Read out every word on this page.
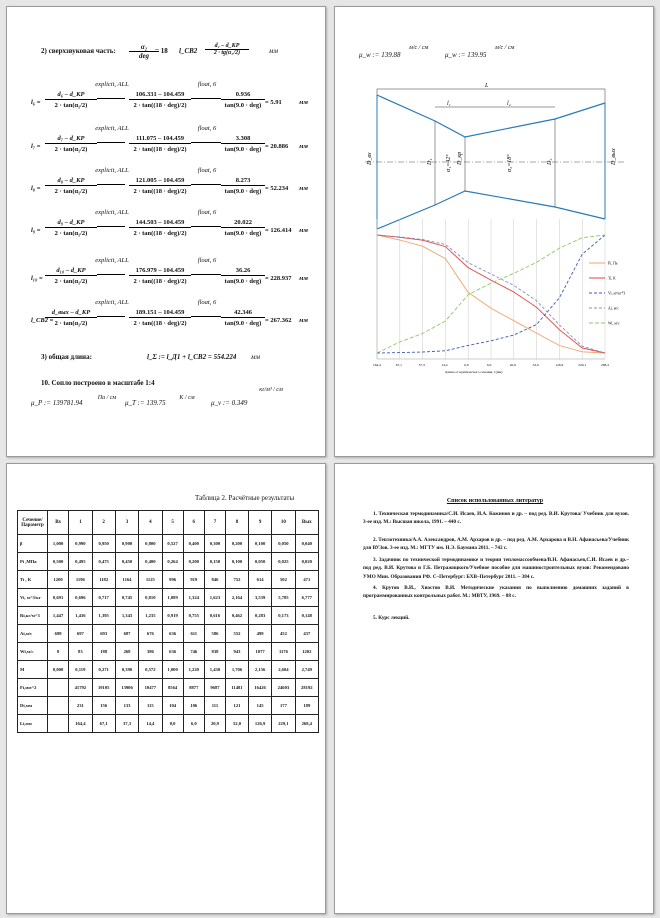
2) сверхзвуковая часть:	α₂
deg
= 18 l_СВ2
d₂ – d_КР
2 · tg(α₂/2)	мм
l₆ =
d₆ – d_КР
2 · tan(α₁/2)
explicit, ALL
106.331 – 104.459
2 · tan((18 · deg)/2)
float, 6
0.936
tan(9.0 · deg) = 5.91	мм
l₇ =
d₇ – d_КР
2 · tan(α₁/2)
explicit, ALL
111.075 – 104.459
2 · tan((18 · deg)/2)
float, 6
3.308
tan(9.0 · deg) = 20.886 мм
l₈ =
d₈ – d_КР
2 · tan(α₁/2)
explicit, ALL
121.005 – 104.459
2 · tan((18 · deg)/2)
float, 6
8.273
tan(9.0 · deg) = 52.234 мм
l₉ =
d₉ – d_КР
2 · tan(α₁/2)
explicit, ALL
144.503 – 104.459
2 · tan((18 · deg)/2)
float, 6
20.022
tan(9.0 · deg) = 126.414 мм
l₁₀ =
d₁₀ – d_КР
2 · tan(α₁/2)
explicit, ALL
176.979 – 104.459
2 · tan((18 · deg)/2)
float, 6
36.26
tan(9.0 · deg) = 228.937 мм
l_СВ2 =
d_вых – d_КР
2 · tan(α₁/2)
explicit, ALL
189.151 – 104.459
2 · tan((18 · deg)/2)
float, 6
42.346
tan(9.0 · deg) = 267.362 мм
3) общая длина:	l_Σ := l_Д1 + l_СВ2 = 554.224 мм
10. Сопло построено в масштабе 1:4
μ_P := 139781.94
Па / см
μ_T := 139.75
К / см
μ_v := 0.349
кг/м³ / см
μ_w := 139.88
м/с / см
μ_w := 139.95
м/с / см
L
l₁	l₂
D_вх	D₁ α₁=42° D_кр	α₂=18°	D₂	D_вых
164,4	67,1	37,3	14,4	0,0	6,0	20,9	52,0	126,9	229,1	268,4
Длина от критического сечения, l (мм)
Pi, Па
Ti, К
Vi, м³/кг*3
Ai, м/с
Wi, м/с
Таблица 2. Расчётные результаты
Сечение/ Параметр	Вх	1	2	3	4	5	6	7	8	9	10	Вых
β	1,000	0,990	0,950	0,900	0,800	0,527	0,400	0,300	0,200	0,100	0,050	0,040
Pi ,МПа	0,500	0,495	0,475	0,450	0,400	0,264	0,200	0,150	0,100	0,050	0,025	0,020
Ti , К	1200	1196	1182	1164	1125	996	919	846	752	614	502	471
Vi, м^3/кг	0,691	0,696	0,717	0,745	0,810	1,089	1,324	1,623	2,164	3,539	5,785	6,777
Ri,кг/м^3	1,447	1,436	1,395	1,343	1,235	0,919	0,755	0,616	0,462	0,283	0,173	0,148
Ai,м/с	698	697	693	687	676	636	611	586	552	499	452	437
Wi,м/с	0	83	188	268	386	636	746	838	943	1077	1176	1202
M	0,000	0,119	0,271	0,390	0,572	1,000	1,220	1,430	1,706	2,156	2,604	2,749
Fi,мм^2		41792	19105	13906	10477	8564	8877	9687	11481	16426	24603	28192
Di,мм		231	156	133	115	104	106	111	121	145	177	189
Li,мм		164,4	67,1	37,3	14,4	0,0	6,0	20,9	52,0	126,9	229,1	268,4
Список использованных литератур
1. Техническая термодинамика/С.И. Исаев, И.А. Кожинов и др. – под ред. В.И. Крутова/ Учебник для вузов. 3-ее изд. М.: Высшая школа, 1991. – 440 с.
2. Теплотехника/А.А. Александров, А.М. Архаров и др. – под ред. А.М. Архарова и В.Н. Афанасьева/Учебник для ВУЗов. 3-ее изд. М.: МГТУ им. Н.Э. Баумана 2011. – 742 с.
3. Задачник по технической термодинамике и теории тепломассообмена/В.Н. Афанасьев,С.И. Исаев и др.– под ред. В.И. Крутова и Г.Б. Петражицкого/Учебное пособие для машиностроительных вузов: Рекомендовано УМО Мин. Образования РФ. С–Петербург: БХВ–Петербург 2011. – 384 с.
4. Крутов В.И., Хвостов В.И. Методические указания по выполнению домашних заданий в программированных контрольных работ. М.: МВТУ, 1969. – 88 с.
5. Курс лекций.
